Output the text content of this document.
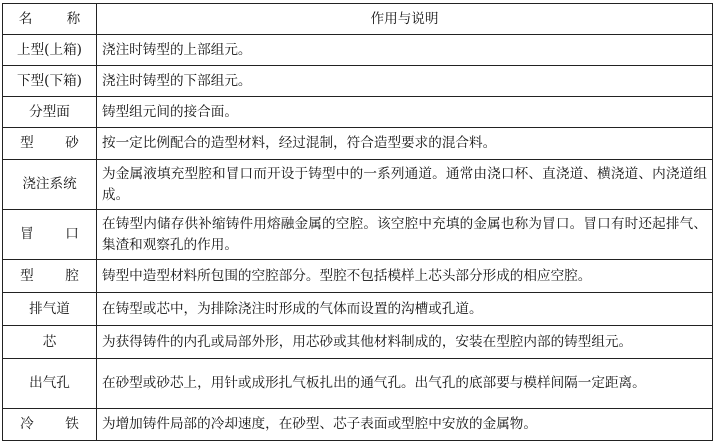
名 称	作用与说明
上型(上箱)	浇注时铸型的上部组元。
下型(下箱)	浇注时铸型的下部组元。
分型面	铸型组元间的接合面。
型 砂	按一定比例配合的造型材料，经过混制，符合造型要求的混合料。
浇注系统	为金属液填充型腔和冒口而开设于铸型中的一系列通道。通常由浇口杯、直浇道、横浇道、内浇道组成。
冒 口	在铸型内储存供补缩铸件用熔融金属的空腔。该空腔中充填的金属也称为冒口。冒口有时还起排气、集渣和观察孔的作用。
型 腔	铸型中造型材料所包围的空腔部分。型腔不包括模样上芯头部分形成的相应空腔。
排气道	在铸型或芯中，为排除浇注时形成的气体而设置的沟槽或孔道。
芯	为获得铸件的内孔或局部外形，用芯砂或其他材料制成的，安装在型腔内部的铸型组元。
出气孔	在砂型或砂芯上，用针或成形扎气板扎出的通气孔。出气孔的底部要与模样间隔一定距离。
冷 铁	为增加铸件局部的冷却速度，在砂型、芯子表面或型腔中安放的金属物。
